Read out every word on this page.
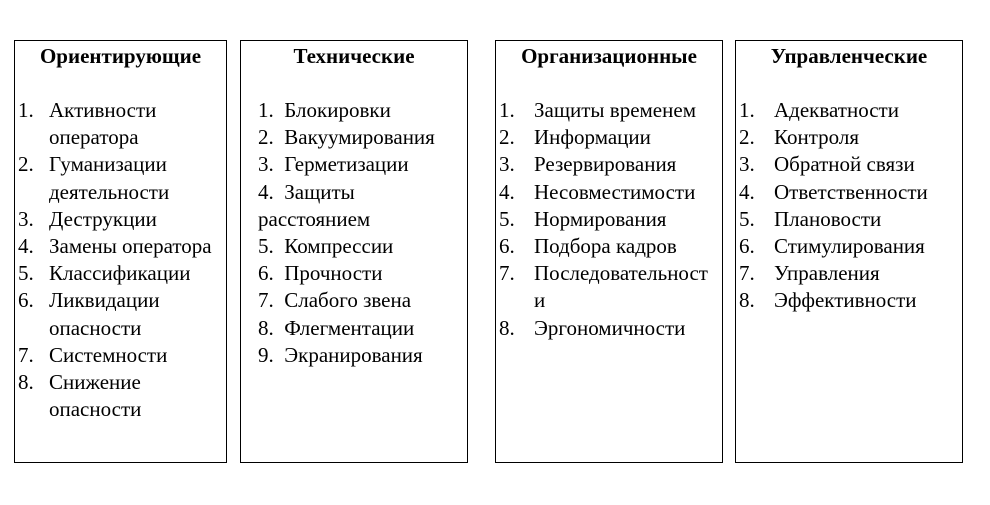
Ориентирующие
1. Активности оператора
2. Гуманизации деятельности
3. Деструкции
4. Замены оператора
5. Классификации
6. Ликвидации опасности
7. Системности
8. Снижение опасности
Технические
1. Блокировки
2. Вакуумирования
3. Герметизации
4. Защиты расстоянием
5. Компрессии
6. Прочности
7. Слабого звена
8. Флегментации
9. Экранирования
Организационные
1. Защиты временем
2. Информации
3. Резервирования
4. Несовместимости
5. Нормирования
6. Подбора кадров
7. Последовательности
8. Эргономичности
Управленческие
1. Адекватности
2. Контроля
3. Обратной связи
4. Ответственности
5. Плановости
6. Стимулирования
7. Управления
8. Эффективности
